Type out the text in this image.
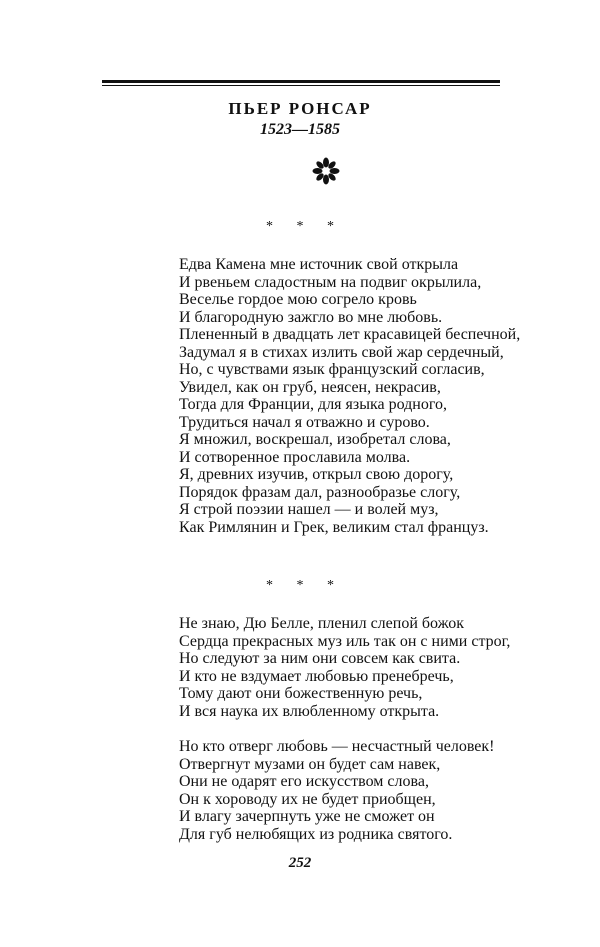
ПЬЕР РОНСАР
1523—1585
* * *
Едва Камена мне источник свой открыла
И рвеньем сладостным на подвиг окрылила,
Веселье гордое мою согрело кровь
И благородную зажгло во мне любовь.
Плененный в двадцать лет красавицей беспечной,
Задумал я в стихах излить свой жар сердечный,
Но, с чувствами язык французский согласив,
Увидел, как он груб, неясен, некрасив,
Тогда для Франции, для языка родного,
Трудиться начал я отважно и сурово.
Я множил, воскрешал, изобретал слова,
И сотворенное прославила молва.
Я, древних изучив, открыл свою дорогу,
Порядок фразам дал, разнообразье слогу,
Я строй поэзии нашел — и волей муз,
Как Римлянин и Грек, великим стал француз.
* * *
Не знаю, Дю Белле, пленил слепой божок
Сердца прекрасных муз иль так он с ними строг,
Но следуют за ним они совсем как свита.
И кто не вздумает любовью пренебречь,
Тому дают они божественную речь,
И вся наука их влюбленному открыта.
Но кто отверг любовь — несчастный человек!
Отвергнут музами он будет сам навек,
Они не одарят его искусством слова,
Он к хороводу их не будет приобщен,
И влагу зачерпнуть уже не сможет он
Для губ нелюбящих из родника святого.
252
